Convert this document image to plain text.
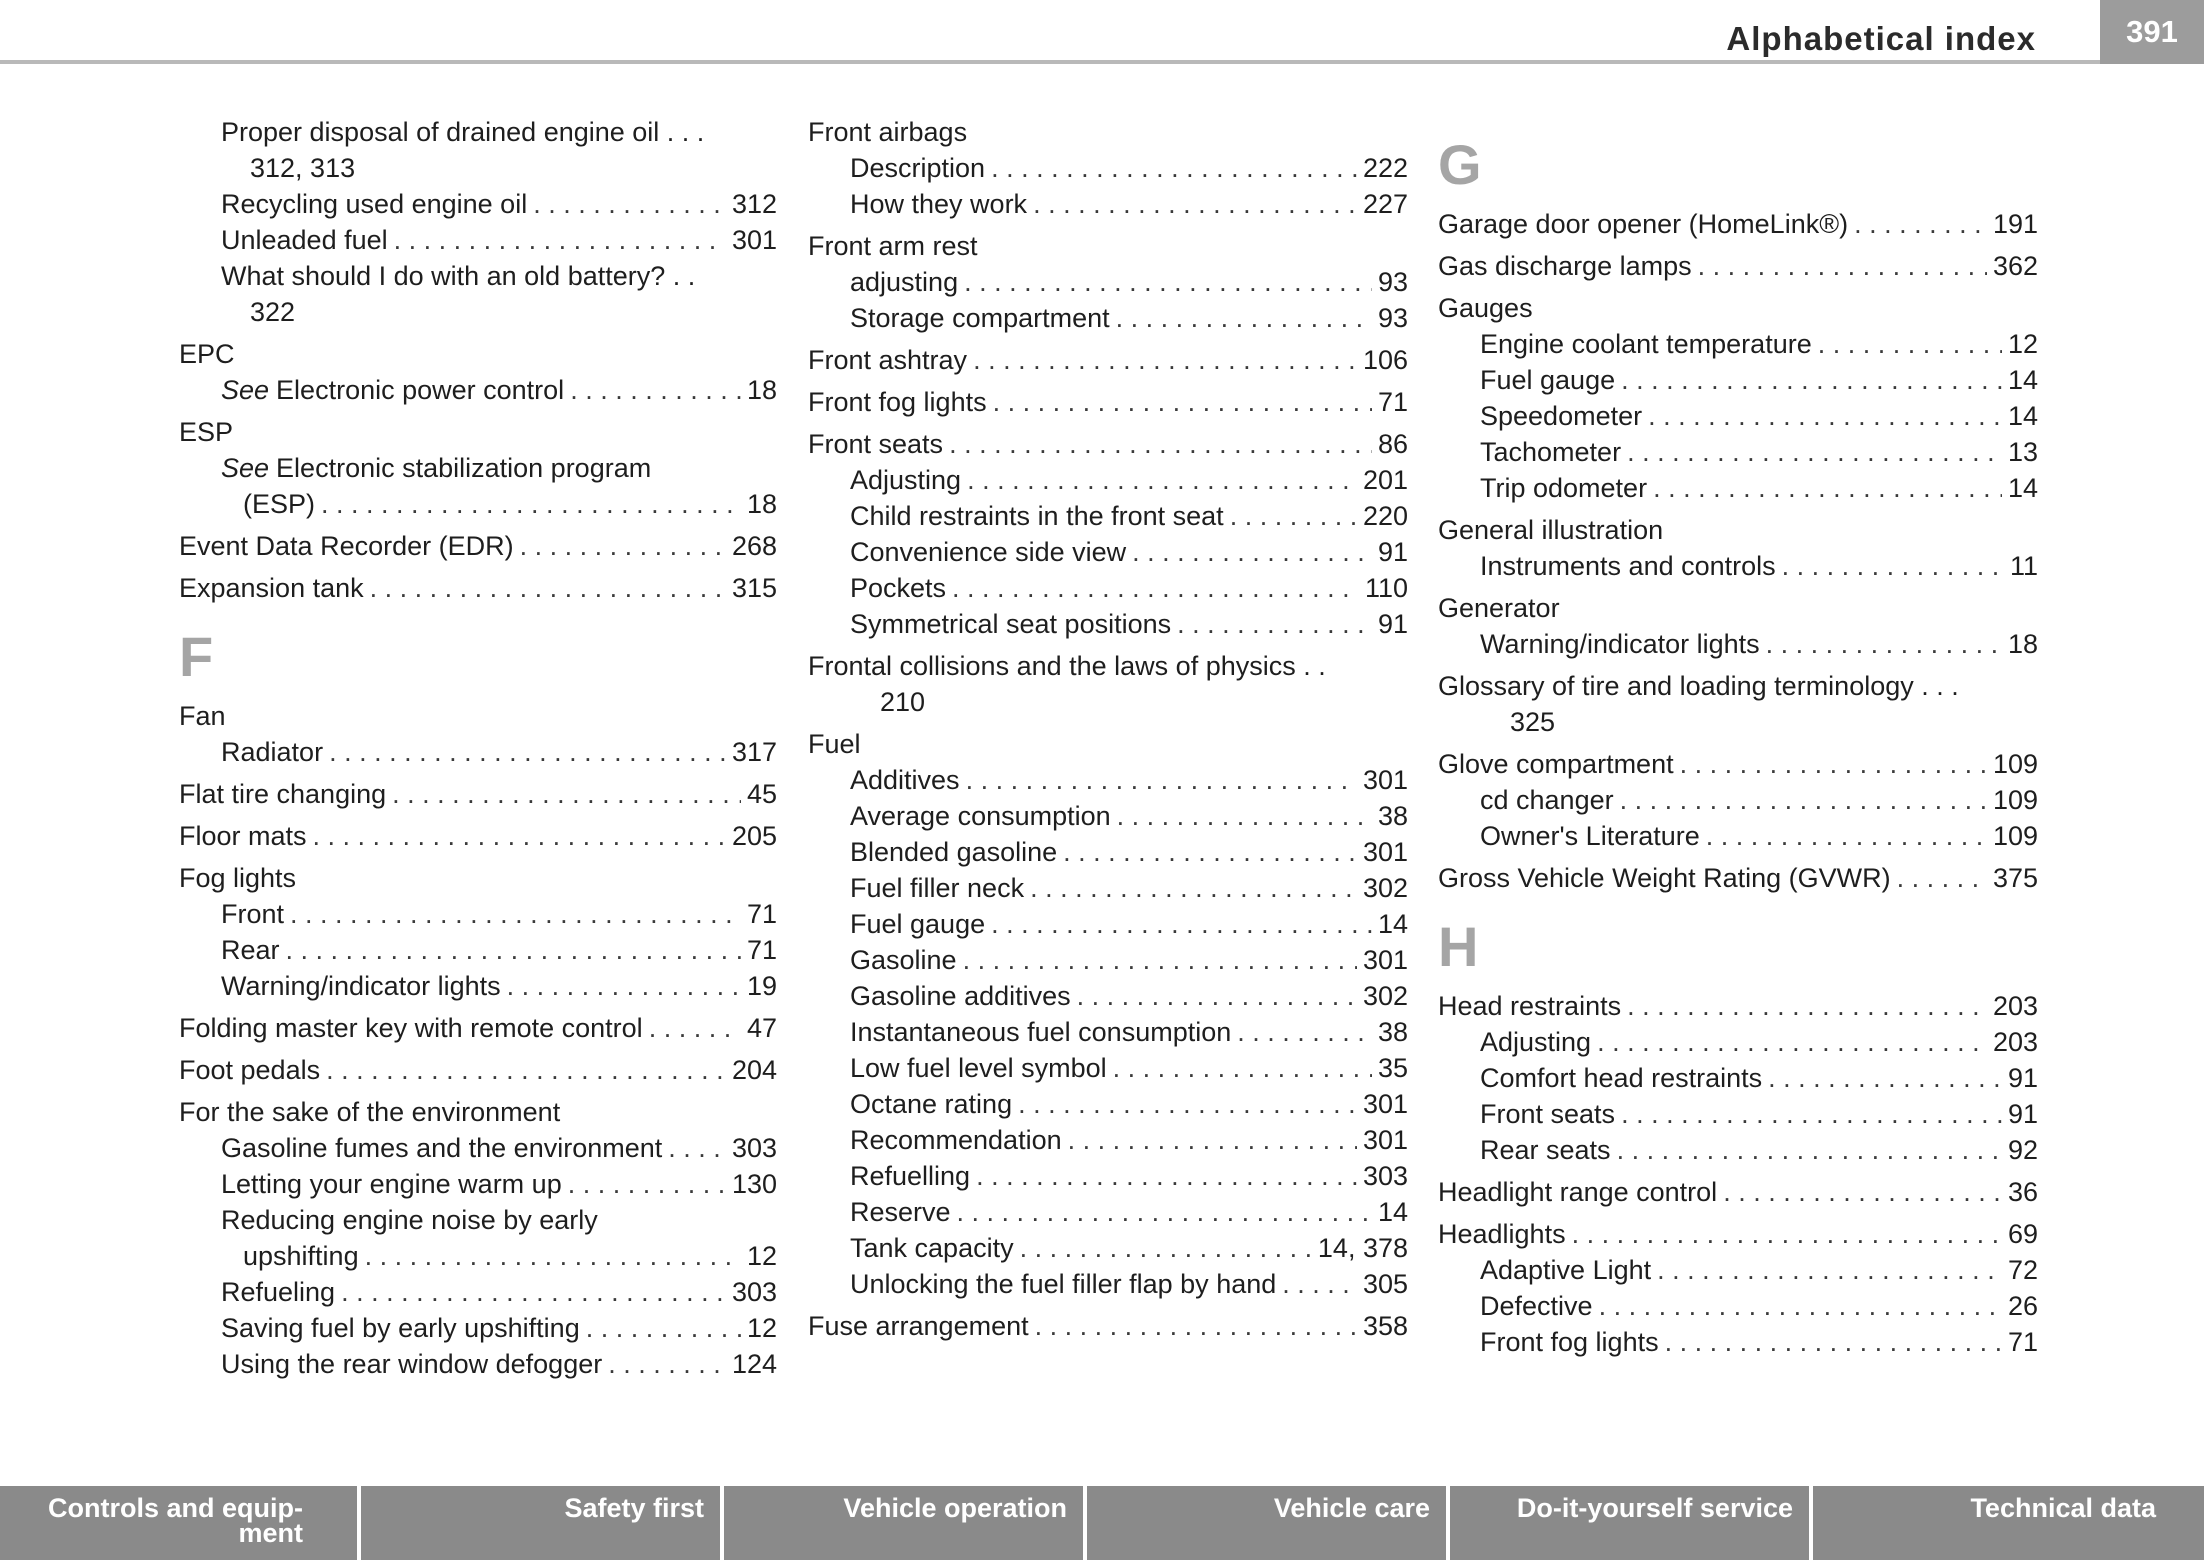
Alphabetical index	391
Proper disposal of drained engine oil . . .
312, 313
Recycling used engine oil . . .	312
Unleaded fuel . . .	301
What should I do with an old battery? . .
322
EPC
See Electronic power control . . .	18
ESP
See Electronic stabilization program
(ESP) . . .	18
Event Data Recorder (EDR) . . .	268
Expansion tank . . .	315
F
Fan
Radiator . . .	317
Flat tire changing . . .	45
Floor mats . . .	205
Fog lights
Front . . .	71
Rear . . .	71
Warning/indicator lights . . .	19
Folding master key with remote control . . .	47
Foot pedals . . .	204
For the sake of the environment
Gasoline fumes and the environment . . .	303
Letting your engine warm up . . .	130
Reducing engine noise by early
upshifting . . .	12
Refueling . . .	303
Saving fuel by early upshifting . . .	12
Using the rear window defogger . . .	124
Front airbags
Description . . .	222
How they work . . .	227
Front arm rest
adjusting . . .	93
Storage compartment . . .	93
Front ashtray . . .	106
Front fog lights . . .	71
Front seats . . .	86
Adjusting . . .	201
Child restraints in the front seat . . .	220
Convenience side view . . .	91
Pockets . . .	110
Symmetrical seat positions . . .	91
Frontal collisions and the laws of physics . .
210
Fuel
Additives . . .	301
Average consumption . . .	38
Blended gasoline . . .	301
Fuel filler neck . . .	302
Fuel gauge . . .	14
Gasoline . . .	301
Gasoline additives . . .	302
Instantaneous fuel consumption . . .	38
Low fuel level symbol . . .	35
Octane rating . . .	301
Recommendation . . .	301
Refuelling . . .	303
Reserve . . .	14
Tank capacity . . .	14, 378
Unlocking the fuel filler flap by hand . . .	305
Fuse arrangement . . .	358
G
Garage door opener (HomeLink®) . . .	191
Gas discharge lamps . . .	362
Gauges
Engine coolant temperature . . .	12
Fuel gauge . . .	14
Speedometer . . .	14
Tachometer . . .	13
Trip odometer . . .	14
General illustration
Instruments and controls . . .	11
Generator
Warning/indicator lights . . .	18
Glossary of tire and loading terminology . . .
325
Glove compartment . . .	109
cd changer . . .	109
Owner's Literature . . .	109
Gross Vehicle Weight Rating (GVWR) . . .	375
H
Head restraints . . .	203
Adjusting . . .	203
Comfort head restraints . . .	91
Front seats . . .	91
Rear seats . . .	92
Headlight range control . . .	36
Headlights . . .	69
Adaptive Light . . .	72
Defective . . .	26
Front fog lights . . .	71
Controls and equip-
ment
Safety first	Vehicle operation	Vehicle care	Do-it-yourself service	Technical data
